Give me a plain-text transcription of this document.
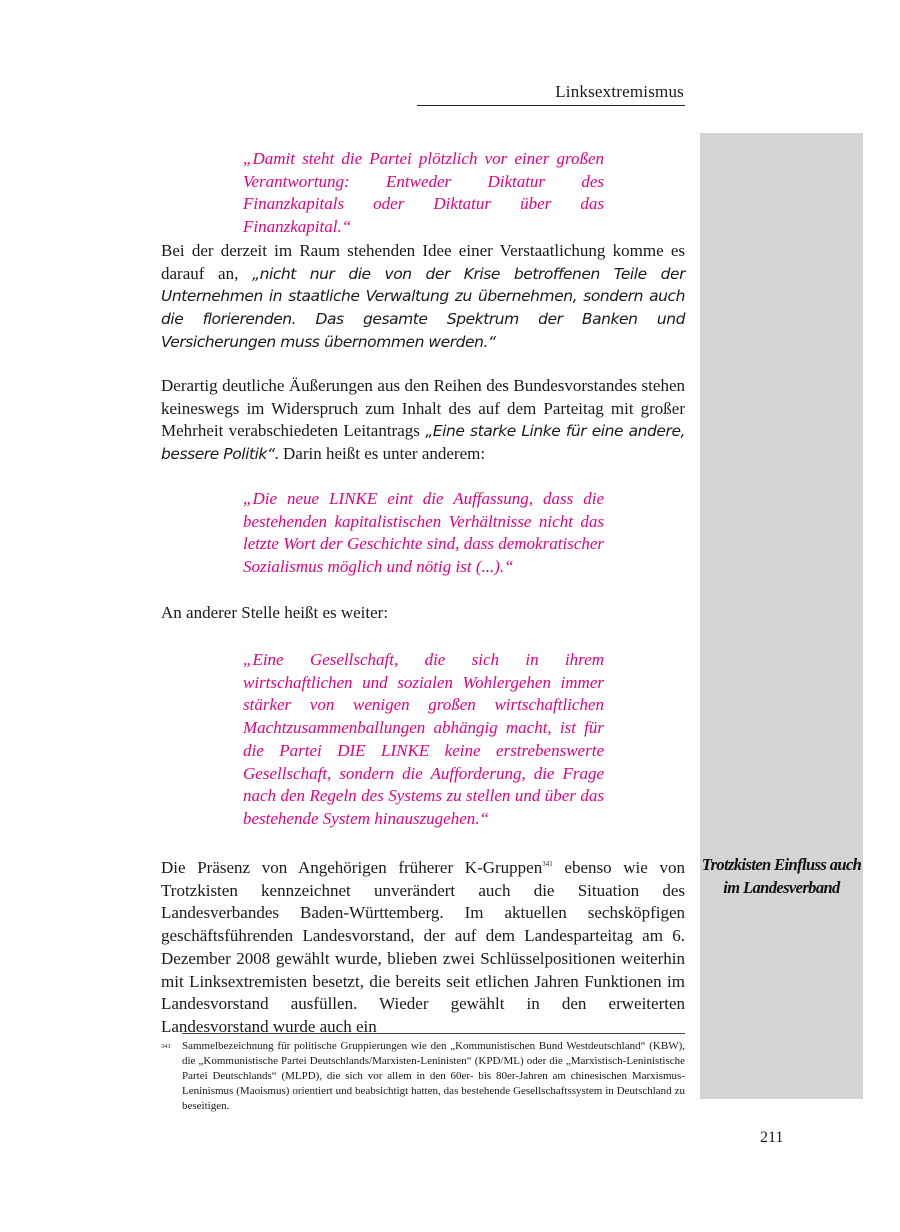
Linksextremismus
„Damit steht die Partei plötzlich vor einer großen Verantwortung: Entweder Diktatur des Finanzkapitals oder Diktatur über das Finanzkapital.“
Bei der derzeit im Raum stehenden Idee einer Verstaatlichung komme es darauf an, „nicht nur die von der Krise betroffenen Teile der Unternehmen in staatliche Verwaltung zu übernehmen, sondern auch die florierenden. Das gesamte Spektrum der Banken und Versicherungen muss übernommen werden.“
Derartig deutliche Äußerungen aus den Reihen des Bundesvorstandes stehen keineswegs im Widerspruch zum Inhalt des auf dem Parteitag mit großer Mehrheit verabschiedeten Leitantrags „Eine starke Linke für eine andere, bessere Politik“. Darin heißt es unter anderem:
„Die neue LINKE eint die Auffassung, dass die bestehenden kapitalistischen Verhältnisse nicht das letzte Wort der Geschichte sind, dass demokratischer Sozialismus möglich und nötig ist (...).“
An anderer Stelle heißt es weiter:
„Eine Gesellschaft, die sich in ihrem wirtschaftlichen und sozialen Wohlergehen immer stärker von wenigen großen wirtschaftlichen Machtzusammenballungen abhängig macht, ist für die Partei DIE LINKE keine erstrebenswerte Gesellschaft, sondern die Aufforderung, die Frage nach den Regeln des Systems zu stellen und über das bestehende System hinauszugehen.“
Die Präsenz von Angehörigen früherer K-Gruppen$^{341}$ ebenso wie von Trotzkisten kennzeichnet unverändert auch die Situation des Landesverbandes Baden-Württemberg. Im aktuellen sechsköpfigen geschäftsführenden Landesvorstand, der auf dem Landesparteitag am 6. Dezember 2008 gewählt wurde, blieben zwei Schlüsselpositionen weiterhin mit Linksextremisten besetzt, die bereits seit etlichen Jahren Funktionen im Landesvorstand ausfüllen. Wieder gewählt in den erweiterten Landesvorstand wurde auch ein
Trotzkisten Einfluss auch im Landesverband
341 Sammelbezeichnung für politische Gruppierungen wie den „Kommunistischen Bund Westdeutschland“ (KBW), die „Kommunistische Partei Deutschlands/Marxisten-Leninisten“ (KPD/ML) oder die „Marxistisch-Leninistische Partei Deutschlands“ (MLPD), die sich vor allem in den 60er- bis 80er-Jahren am chinesischen Marxismus-Leninismus (Maoismus) orientiert und beabsichtigt hatten, das bestehende Gesellschaftssystem in Deutschland zu beseitigen.
211
